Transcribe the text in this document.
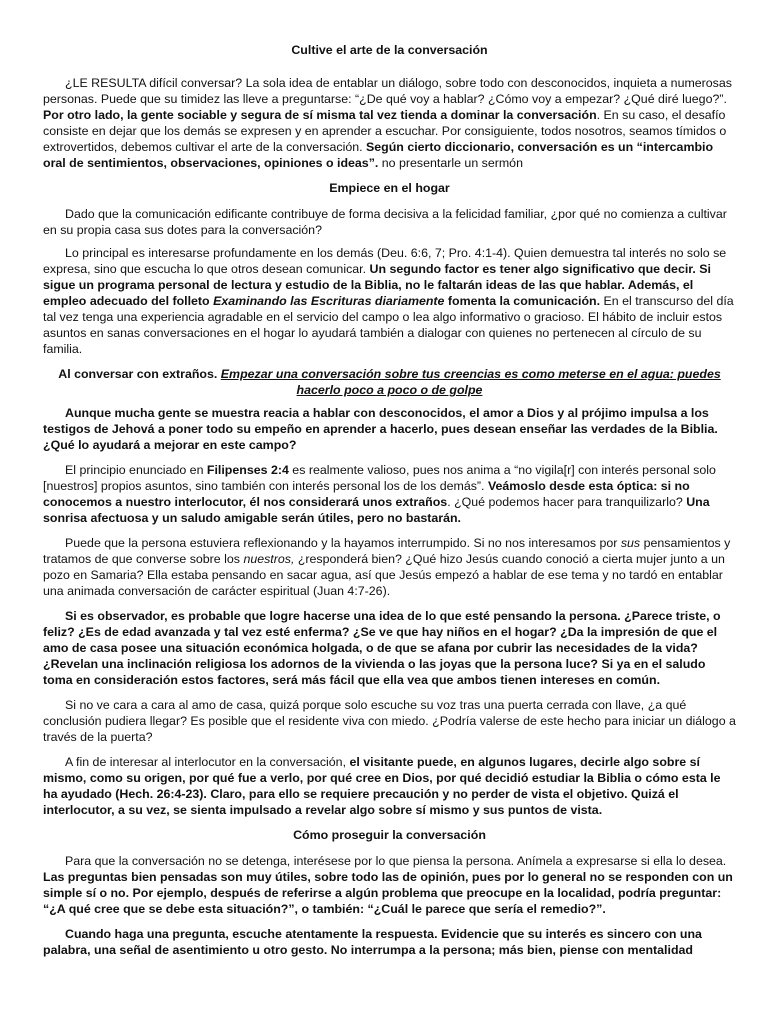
Cultive el arte de la conversación

¿LE RESULTA difícil conversar? La sola idea de entablar un diálogo, sobre todo con desconocidos, inquieta a numerosas personas. Puede que su timidez las lleve a preguntarse: “¿De qué voy a hablar? ¿Cómo voy a empezar? ¿Qué diré luego?”. Por otro lado, la gente sociable y segura de sí misma tal vez tienda a dominar la conversación. En su caso, el desafío consiste en dejar que los demás se expresen y en aprender a escuchar. Por consiguiente, todos nosotros, seamos tímidos o extrovertidos, debemos cultivar el arte de la conversación. Según cierto diccionario, conversación es un “intercambio oral de sentimientos, observaciones, opiniones o ideas”. no presentarle un sermón

Empiece en el hogar

Dado que la comunicación edificante contribuye de forma decisiva a la felicidad familiar, ¿por qué no comienza a cultivar en su propia casa sus dotes para la conversación?

Lo principal es interesarse profundamente en los demás (Deu. 6:6, 7; Pro. 4:1-4). Quien demuestra tal interés no solo se expresa, sino que escucha lo que otros desean comunicar. Un segundo factor es tener algo significativo que decir. Si sigue un programa personal de lectura y estudio de la Biblia, no le faltarán ideas de las que hablar. Además, el empleo adecuado del folleto Examinando las Escrituras diariamente fomenta la comunicación. En el transcurso del día tal vez tenga una experiencia agradable en el servicio del campo o lea algo informativo o gracioso. El hábito de incluir estos asuntos en sanas conversaciones en el hogar lo ayudará también a dialogar con quienes no pertenecen al círculo de su familia.

Al conversar con extraños. Empezar una conversación sobre tus creencias es como meterse en el agua: puedes hacerlo poco a poco o de golpe

Aunque mucha gente se muestra reacia a hablar con desconocidos, el amor a Dios y al prójimo impulsa a los testigos de Jehová a poner todo su empeño en aprender a hacerlo, pues desean enseñar las verdades de la Biblia. ¿Qué lo ayudará a mejorar en este campo?

El principio enunciado en Filipenses 2:4 es realmente valioso, pues nos anima a “no vigila[r] con interés personal solo [nuestros] propios asuntos, sino también con interés personal los de los demás”. Veámoslo desde esta óptica: si no conocemos a nuestro interlocutor, él nos considerará unos extraños. ¿Qué podemos hacer para tranquilizarlo? Una sonrisa afectuosa y un saludo amigable serán útiles, pero no bastarán.

Puede que la persona estuviera reflexionando y la hayamos interrumpido. Si no nos interesamos por sus pensamientos y tratamos de que converse sobre los nuestros, ¿responderá bien? ¿Qué hizo Jesús cuando conoció a cierta mujer junto a un pozo en Samaria? Ella estaba pensando en sacar agua, así que Jesús empezó a hablar de ese tema y no tardó en entablar una animada conversación de carácter espiritual (Juan 4:7-26).

Si es observador, es probable que logre hacerse una idea de lo que esté pensando la persona. ¿Parece triste, o feliz? ¿Es de edad avanzada y tal vez esté enferma? ¿Se ve que hay niños en el hogar? ¿Da la impresión de que el amo de casa posee una situación económica holgada, o de que se afana por cubrir las necesidades de la vida? ¿Revelan una inclinación religiosa los adornos de la vivienda o las joyas que la persona luce? Si ya en el saludo toma en consideración estos factores, será más fácil que ella vea que ambos tienen intereses en común.

Si no ve cara a cara al amo de casa, quizá porque solo escuche su voz tras una puerta cerrada con llave, ¿a qué conclusión pudiera llegar? Es posible que el residente viva con miedo. ¿Podría valerse de este hecho para iniciar un diálogo a través de la puerta?

A fin de interesar al interlocutor en la conversación, el visitante puede, en algunos lugares, decirle algo sobre sí mismo, como su origen, por qué fue a verlo, por qué cree en Dios, por qué decidió estudiar la Biblia o cómo esta le ha ayudado (Hech. 26:4-23). Claro, para ello se requiere precaución y no perder de vista el objetivo. Quizá el interlocutor, a su vez, se sienta impulsado a revelar algo sobre sí mismo y sus puntos de vista.

Cómo proseguir la conversación

Para que la conversación no se detenga, interésese por lo que piensa la persona. Anímela a expresarse si ella lo desea. Las preguntas bien pensadas son muy útiles, sobre todo las de opinión, pues por lo general no se responden con un simple sí o no. Por ejemplo, después de referirse a algún problema que preocupe en la localidad, podría preguntar: “¿A qué cree que se debe esta situación?”, o también: “¿Cuál le parece que sería el remedio?”.

Cuando haga una pregunta, escuche atentamente la respuesta. Evidencie que su interés es sincero con una palabra, una señal de asentimiento u otro gesto. No interrumpa a la persona; más bien, piense con mentalidad
